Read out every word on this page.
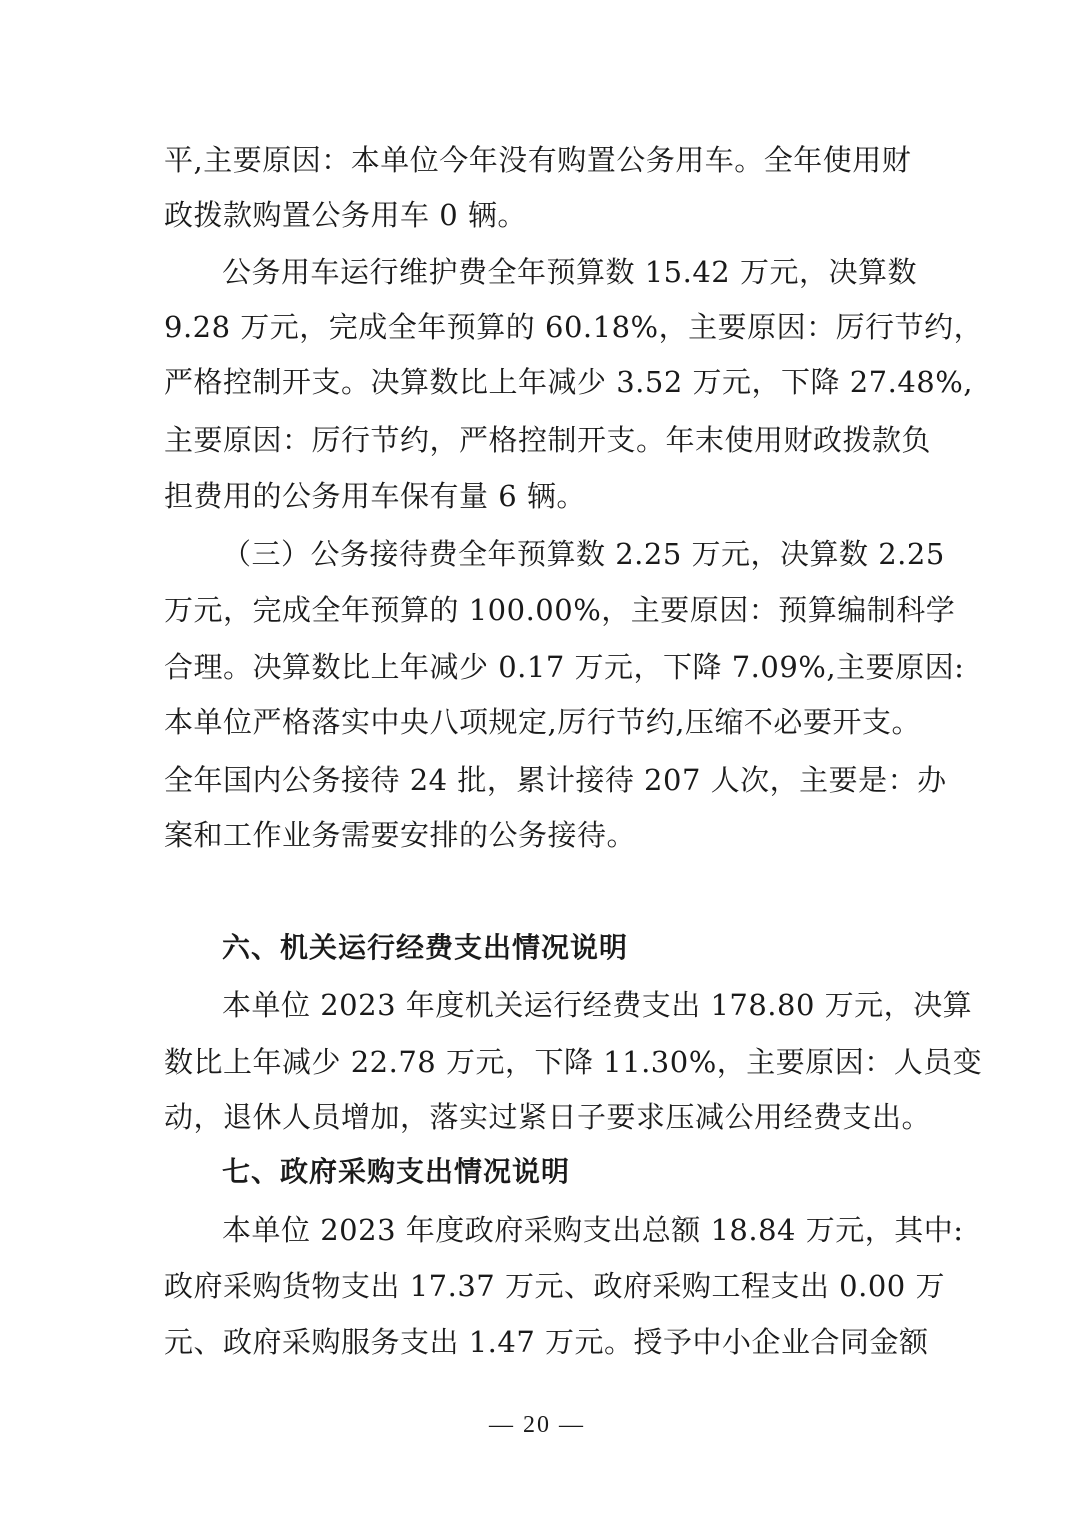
平,主要原因：本单位今年没有购置公务用车。全年使用财
政拨款购置公务用车 0 辆。
公务用车运行维护费全年预算数 15.42 万元，决算数
9.28 万元，完成全年预算的 60.18%，主要原因：厉行节约，
严格控制开支。决算数比上年减少 3.52 万元，下降 27.48%,
主要原因：厉行节约，严格控制开支。年末使用财政拨款负
担费用的公务用车保有量 6 辆。
（三）公务接待费全年预算数 2.25 万元，决算数 2.25
万元，完成全年预算的 100.00%，主要原因：预算编制科学
合理。决算数比上年减少 0.17 万元，下降 7.09%,主要原因:
本单位严格落实中央八项规定,厉行节约,压缩不必要开支。
全年国内公务接待 24 批，累计接待 207 人次，主要是：办
案和工作业务需要安排的公务接待。
六、机关运行经费支出情况说明
本单位 2023 年度机关运行经费支出 178.80 万元，决算
数比上年减少 22.78 万元，下降 11.30%，主要原因：人员变
动，退休人员增加，落实过紧日子要求压减公用经费支出。
七、政府采购支出情况说明
本单位 2023 年度政府采购支出总额 18.84 万元，其中:
政府采购货物支出 17.37 万元、政府采购工程支出 0.00 万
元、政府采购服务支出 1.47 万元。授予中小企业合同金额
— 20 —
